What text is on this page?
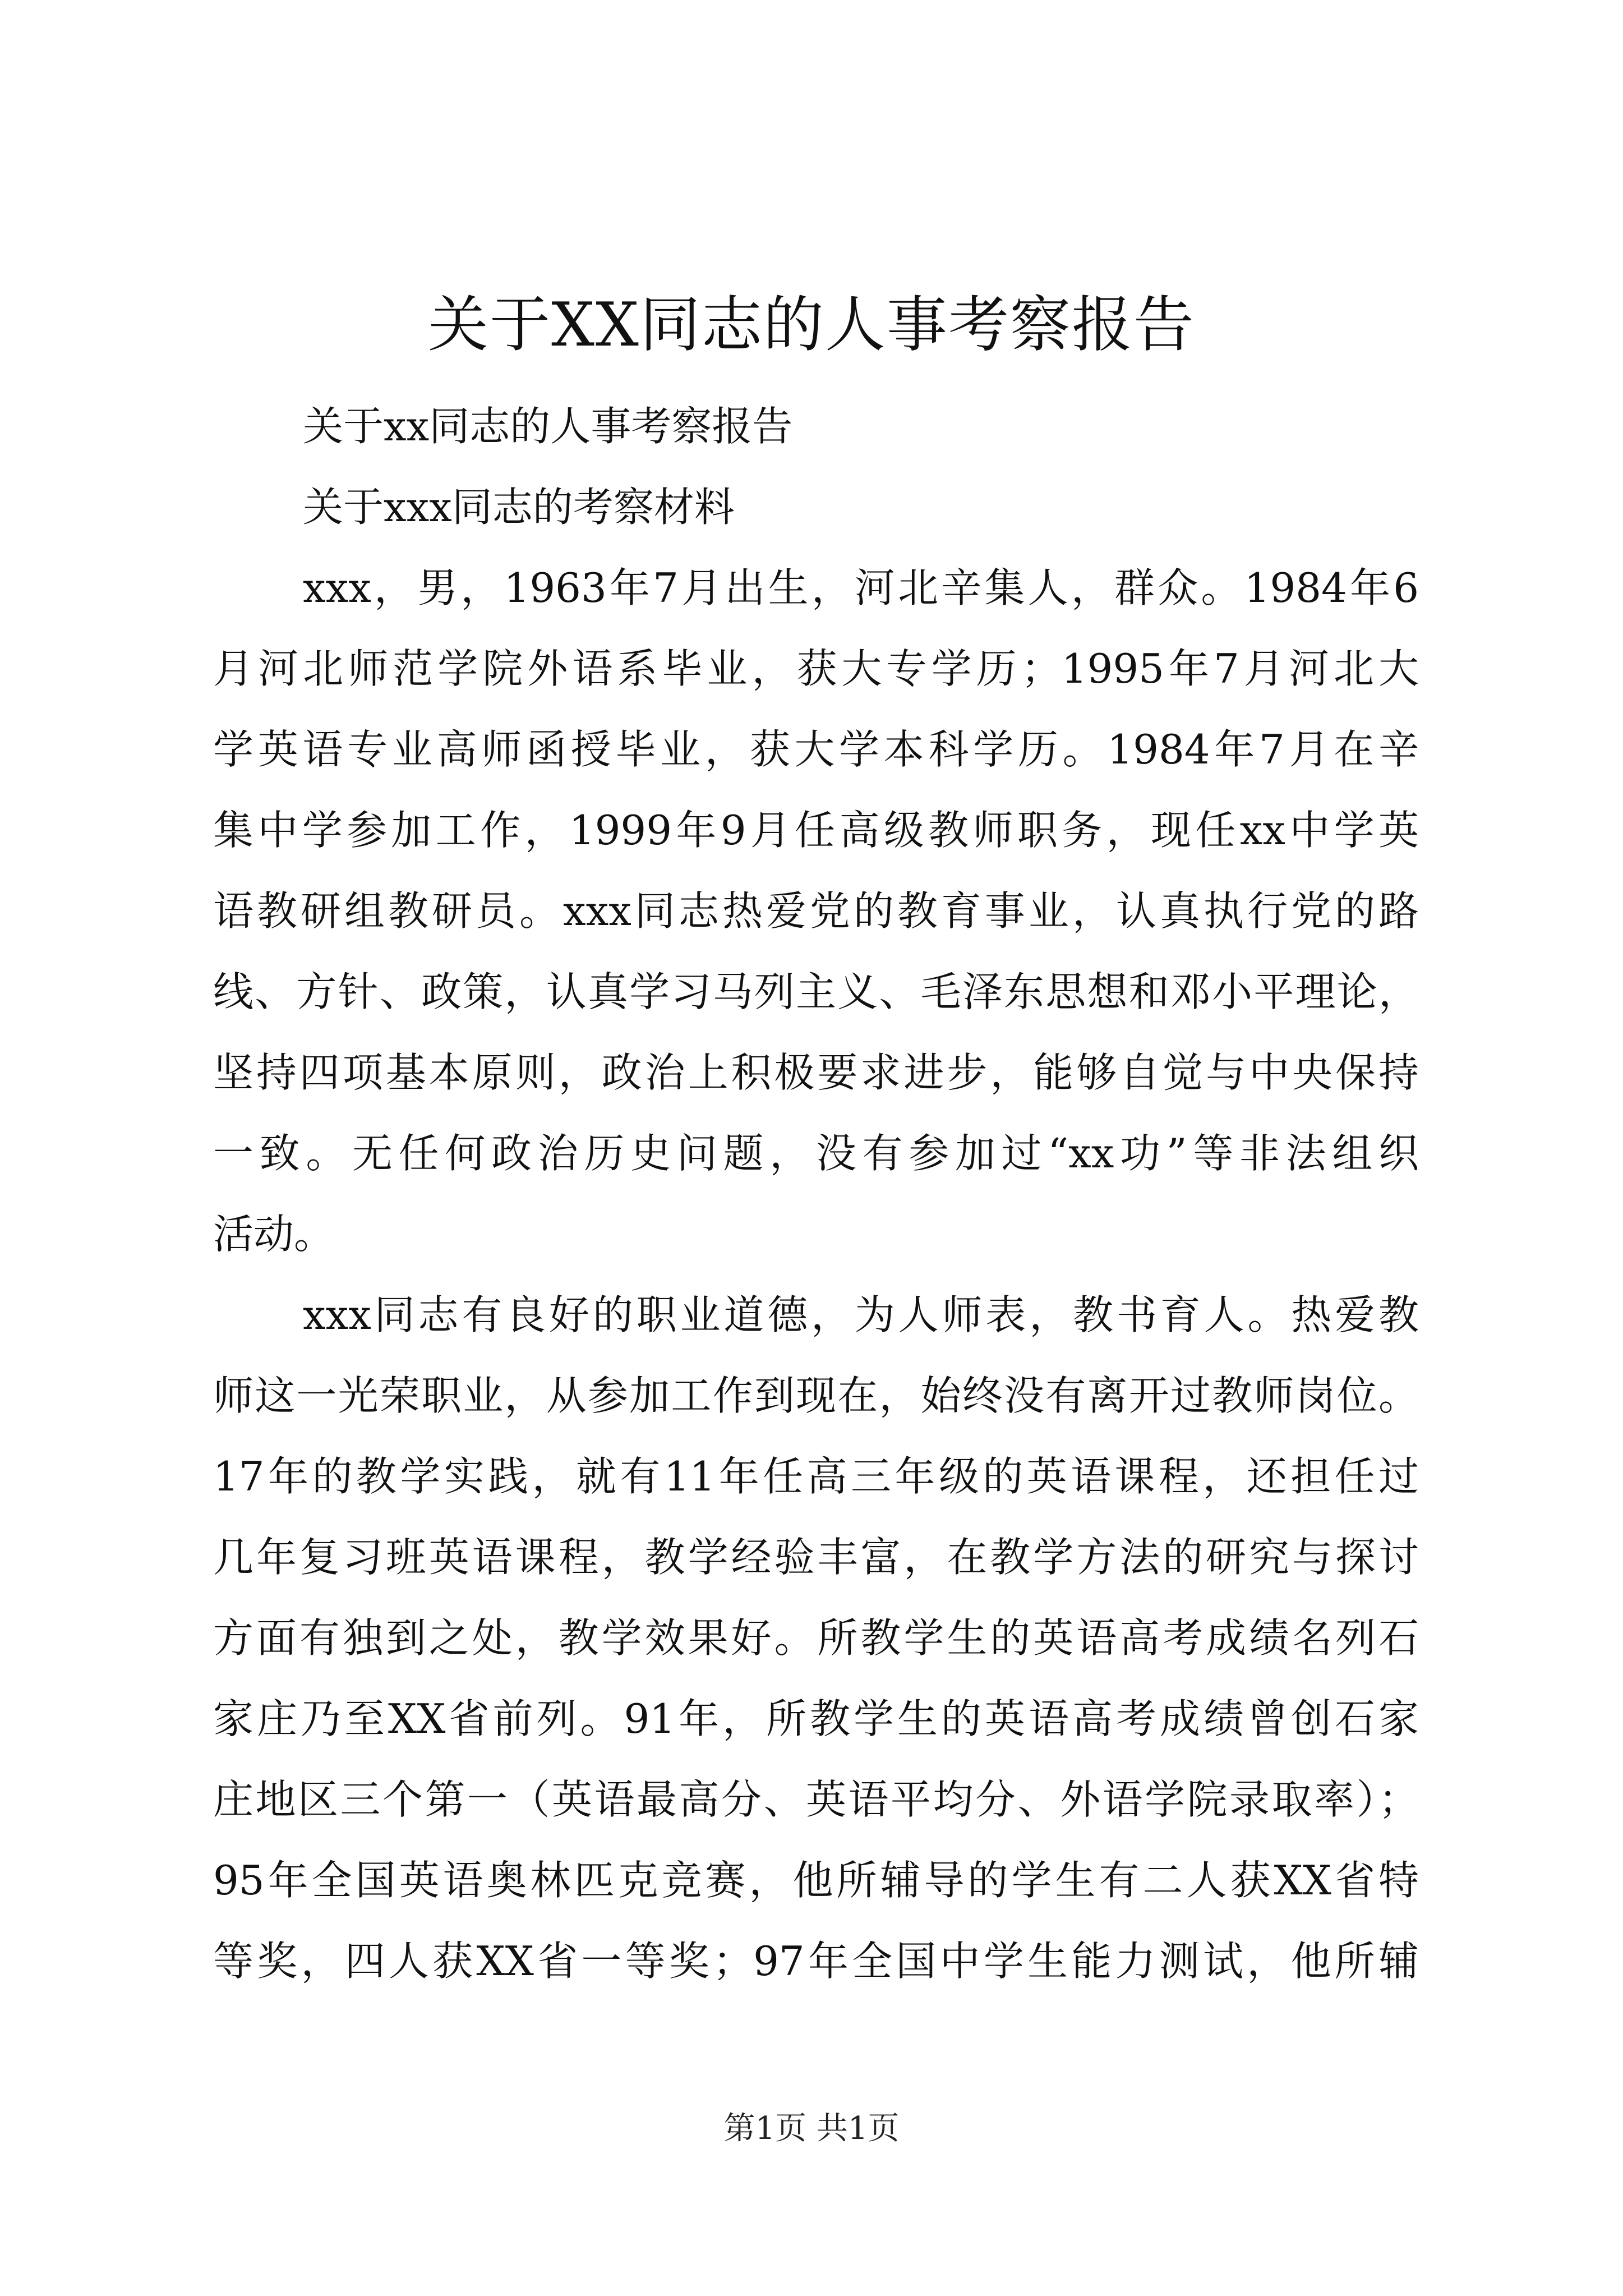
关于XX同志的人事考察报告
关于xx同志的人事考察报告
关于xxx同志的考察材料
xxx，男，1963年7月出生，河北辛集人，群众。1984年6
月河北师范学院外语系毕业，获大专学历；1995年7月河北大
学英语专业高师函授毕业，获大学本科学历。1984年7月在辛
集中学参加工作，1999年9月任高级教师职务，现任xx中学英
语教研组教研员。xxx同志热爱党的教育事业，认真执行党的路
线、方针、政策，认真学习马列主义、毛泽东思想和邓小平理论，
坚持四项基本原则，政治上积极要求进步，能够自觉与中央保持
一致。无任何政治历史问题，没有参加过“xx功”等非法组织
活动。
xxx同志有良好的职业道德，为人师表，教书育人。热爱教
师这一光荣职业，从参加工作到现在，始终没有离开过教师岗位。
17年的教学实践，就有11年任高三年级的英语课程，还担任过
几年复习班英语课程，教学经验丰富，在教学方法的研究与探讨
方面有独到之处，教学效果好。所教学生的英语高考成绩名列石
家庄乃至XX省前列。91年，所教学生的英语高考成绩曾创石家
庄地区三个第一（英语最高分、英语平均分、外语学院录取率）；
95年全国英语奥林匹克竞赛，他所辅导的学生有二人获XX省特
等奖，四人获XX省一等奖；97年全国中学生能力测试，他所辅
第1页 共1页
